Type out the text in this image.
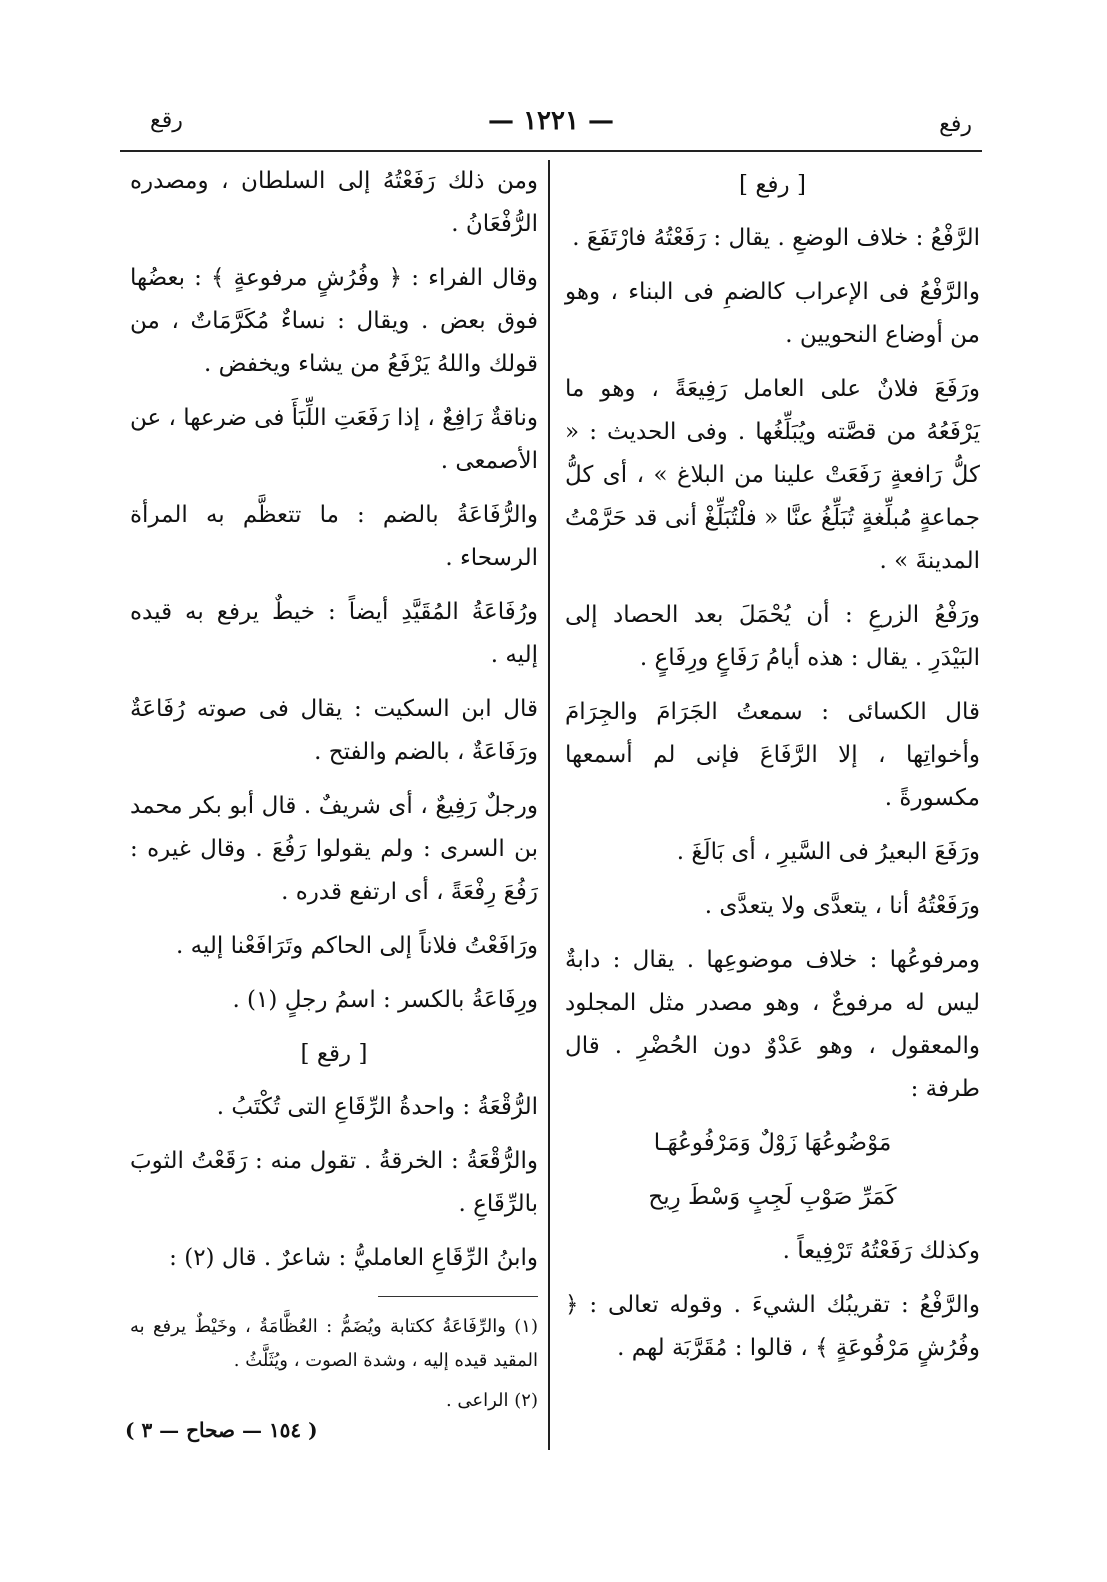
رقع	— ١٢٢١ —	رفع

[ رفع ]

الرَّفْعُ : خلاف الوضعِ . يقال : رَفَعْتُهُ فارْتَفَعَ .

والرَّفْعُ فى الإعراب كالضمِ فى البناء ، وهو من أوضاع النحويين .

ورَفَعَ فلانٌ على العامل رَفِيعَةً ، وهو ما يَرْفَعُهُ من قصَّته ويُبَلِّغُها . وفى الحديث : « كلُّ رَافعةٍ رَفَعَتْ علينا من البلاغ » ، أى كلُّ جماعةٍ مُبلِّغةٍ تُبَلِّغُ عنَّا « فلْتُبَلِّغْ أنى قد حَرَّمْتُ المدينةَ » .

ورَفْعُ الزرعِ : أن يُحْمَلَ بعد الحصاد إلى البَيْدَرِ . يقال : هذه أيامُ رَفَاعٍ ورِفَاعٍ .

قال الكسائى : سمعتُ الجَرَامَ والجِرَامَ وأخواتِها ، إلا الرَّفَاعَ فإنى لم أسمعها مكسورةً .

ورَفَعَ البعيرُ فى السَّيرِ ، أى بَالَغَ .

ورَفَعْتُهُ أنا ، يتعدَّى ولا يتعدَّى .

ومرفوعُها : خلاف موضوعِها . يقال : دابةٌ ليس له مرفوعٌ ، وهو مصدر مثل المجلود والمعقول ، وهو عَدْوٌ دون الحُضْرِ . قال طرفة :

مَوْضُوعُهَا زَوْلٌ وَمَرْفُوعُهَـا

كَمَرِّ صَوْبِ لَجِبٍ وَسْطَ رِيح

وكذلك رَفَعْتُهُ تَرْفِيعاً .

والرَّفْعُ : تقريبُك الشيءَ . وقوله تعالى : ﴿ وفُرُشٍ مَرْفُوعَةٍ ﴾ ، قالوا : مُقَرَّبَة لهم .

ومن ذلك رَفَعْتُهُ إلى السلطان ، ومصدره الرُّفْعَانُ .

وقال الفراء : ﴿ وفُرُشٍ مرفوعةٍ ﴾ : بعضُها فوق بعض . ويقال : نساءٌ مُكَرَّمَاتٌ ، من قولك واللهُ يَرْفَعُ من يشاء ويخفض .

وناقةٌ رَافِعٌ ، إذا رَفَعَتِ اللِّبَأَ فى ضرعها ، عن الأصمعى .

والرُّفَاعَةُ بالضم : ما تتعظَّم به المرأة الرسحاء .

ورُفَاعَةُ المُقَيَّدِ أيضاً : خيطٌ يرفع به قيده إليه .

قال ابن السكيت : يقال فى صوته رُفَاعَةٌ ورَفَاعَةٌ ، بالضم والفتح .

ورجلٌ رَفِيعٌ ، أى شريفٌ . قال أبو بكر محمد بن السرى : ولم يقولوا رَفُعَ . وقال غيره : رَفُعَ رِفْعَةً ، أى ارتفع قدره .

ورَافَعْتُ فلاناً إلى الحاكم وتَرَافَعْنا إليه .

ورِفَاعَةُ بالكسر : اسمُ رجلٍ (١) .

[ رقع ]

الرُّقْعَةُ : واحدةُ الرِّقَاعِ التى تُكْتَبُ .

والرُّقْعَةُ : الخرقةُ . تقول منه : رَقَعْتُ الثوبَ بالرِّقَاعِ .

وابنُ الرِّقَاعِ العامليُّ : شاعرٌ . قال (٢) :

(١) والرِّفَاعَةُ ككتابة ويُضَمُّ : العُظَّامَةُ ، وخَيْطٌ يرفع به المقيد قيده إليه ، وشدة الصوت ، ويُثَلَّثُ .

(٢) الراعى .

( ١٥٤ — صحاح — ٣ )
